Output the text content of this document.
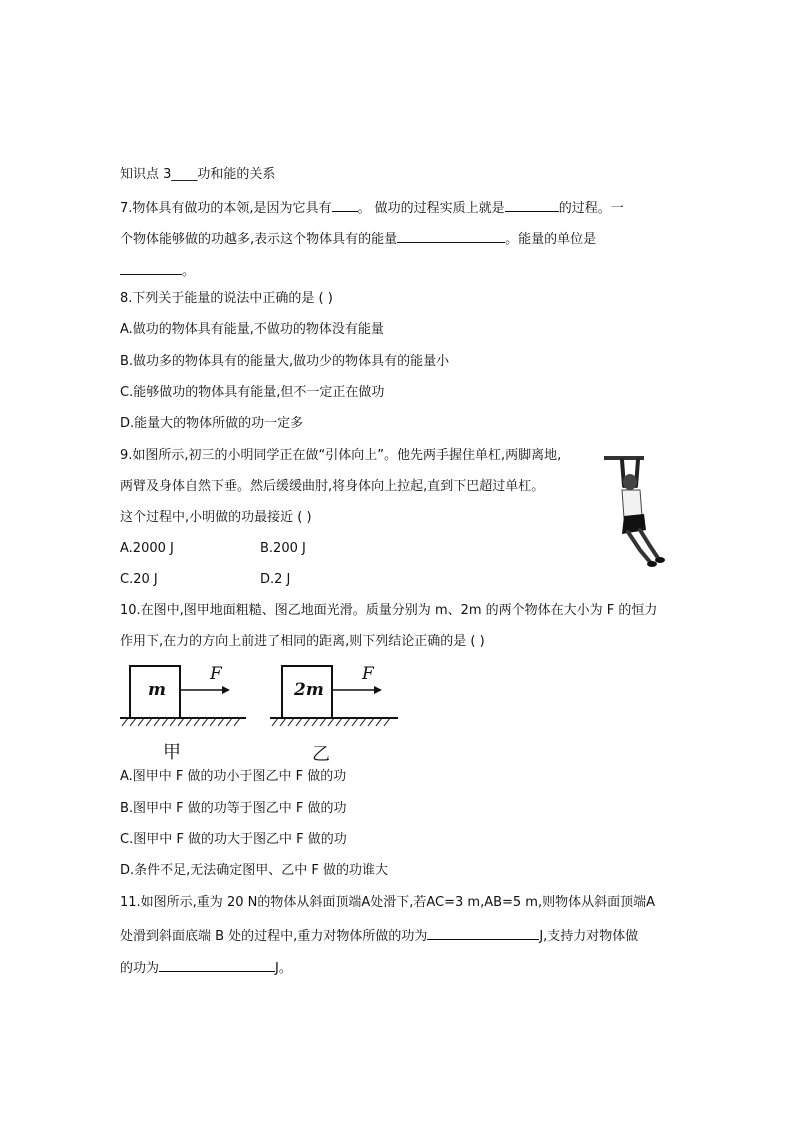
知识点 3____功和能的关系
7.物体具有做功的本领,是因为它具有 。 做功的过程实质上就是	的过程。一
个物体能够做的功越多,表示这个物体具有的能量	。能量的单位是
。
8.下列关于能量的说法中正确的是 ( )
A.做功的物体具有能量,不做功的物体没有能量
B.做功多的物体具有的能量大,做功少的物体具有的能量小
C.能够做功的物体具有能量,但不一定正在做功
D.能量大的物体所做的功一定多
9.如图所示,初三的小明同学正在做“引体向上”。他先两手握住单杠,两脚离地,
两臂及身体自然下垂。然后缓缓曲肘,将身体向上拉起,直到下巴超过单杠。
这个过程中,小明做的功最接近 ( )
A.2000 J	B.200 J
C.20 J	D.2 J
10.在图中,图甲地面粗糙、图乙地面光滑。质量分别为 m、2m 的两个物体在大小为 F 的恒力
作用下,在力的方向上前进了相同的距离,则下列结论正确的是 ( )
m
F
甲
2m
F
乙
A.图甲中 F 做的功小于图乙中 F 做的功
B.图甲中 F 做的功等于图乙中 F 做的功
C.图甲中 F 做的功大于图乙中 F 做的功
D.条件不足,无法确定图甲、乙中 F 做的功谁大
11.如图所示,重为 20 N的物体从斜面顶端A处滑下,若AC=3 m,AB=5 m,则物体从斜面顶端A
处滑到斜面底端 B 处的过程中,重力对物体所做的功为	J,支持力对物体做
的功为	J。
